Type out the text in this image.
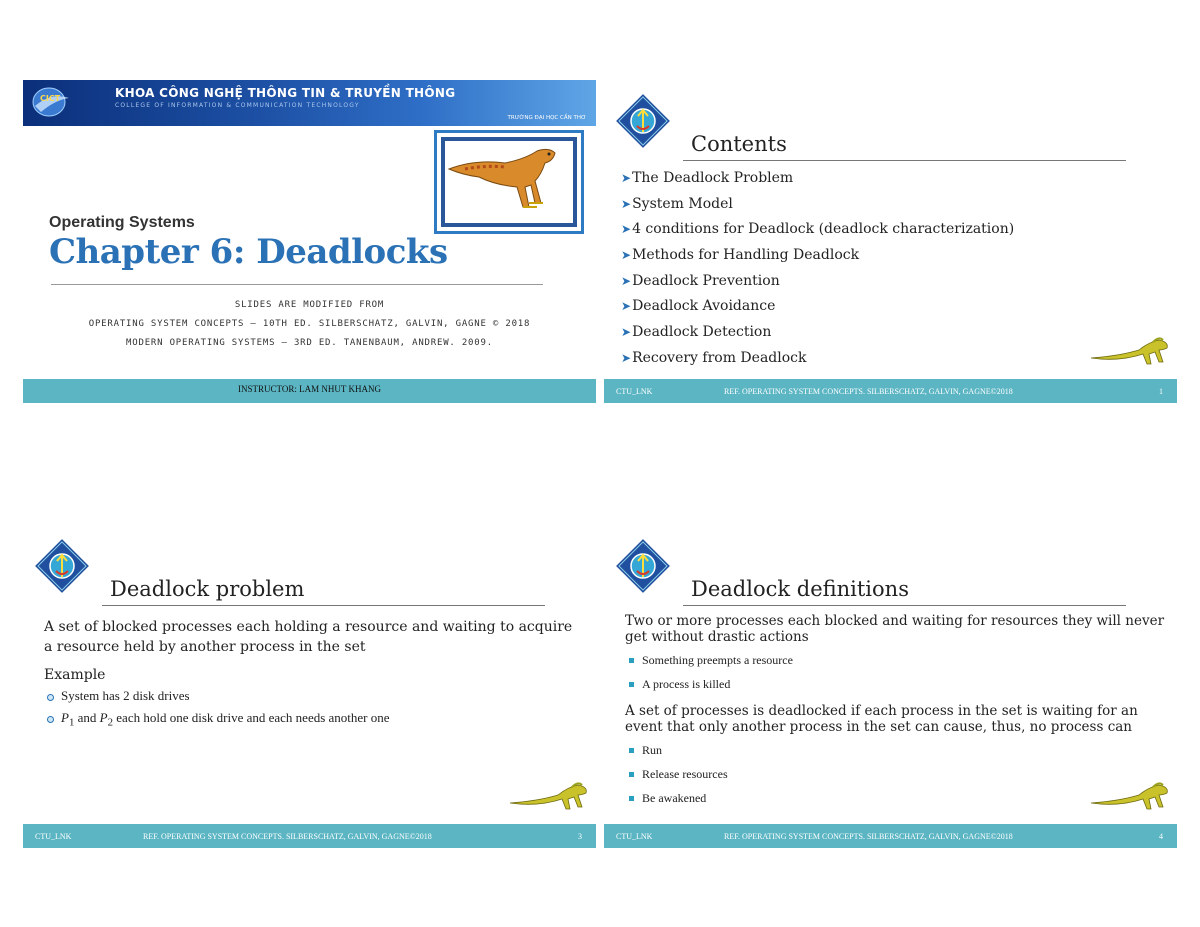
CICT	KHOA CÔNG NGHỆ THÔNG TIN & TRUYỀN THÔNG
COLLEGE OF INFORMATION & COMMUNICATION TECHNOLOGY
TRƯỜNG ĐẠI HỌC CẦN THƠ
Operating Systems
Chapter 6: Deadlocks
SLIDES ARE MODIFIED FROM
OPERATING SYSTEM CONCEPTS – 10TH ED. SILBERSCHATZ, GALVIN, GAGNE © 2018
MODERN OPERATING SYSTEMS – 3RD ED. TANENBAUM, ANDREW. 2009.
INSTRUCTOR: LAM NHUT KHANG
Contents
➤The Deadlock Problem
➤System Model
➤4 conditions for Deadlock (deadlock characterization)
➤Methods for Handling Deadlock
➤Deadlock Prevention
➤Deadlock Avoidance
➤Deadlock Detection
➤Recovery from Deadlock
CTU_LNK	REF. OPERATING SYSTEM CONCEPTS. SILBERSCHATZ, GALVIN, GAGNE©2018	1
Deadlock problem
A set of blocked processes each holding a resource and waiting to acquire a resource held by another process in the set
Example
System has 2 disk drives
$P_1$ and $P_2$ each hold one disk drive and each needs another one
CTU_LNK	REF. OPERATING SYSTEM CONCEPTS. SILBERSCHATZ, GALVIN, GAGNE©2018	3
Deadlock definitions
Two or more processes each blocked and waiting for resources they will never get without drastic actions
Something preempts a resource
A process is killed
A set of processes is deadlocked if each process in the set is waiting for an event that only another process in the set can cause, thus, no process can
Run
Release resources
Be awakened
CTU_LNK	REF. OPERATING SYSTEM CONCEPTS. SILBERSCHATZ, GALVIN, GAGNE©2018	4
